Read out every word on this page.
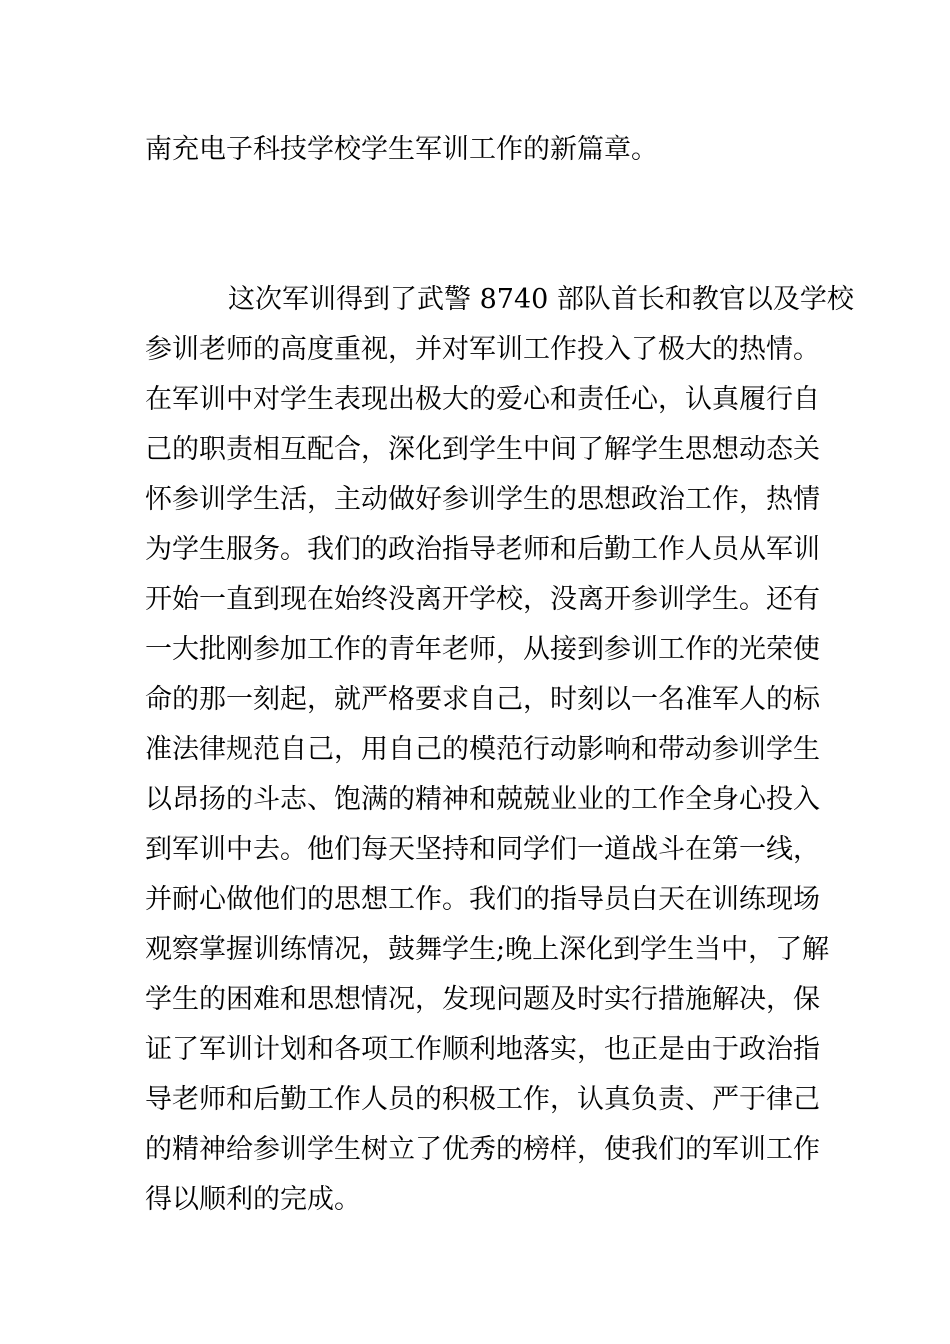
南充电子科技学校学生军训工作的新篇章。
这次军训得到了武警 8740 部队首长和教官以及学校
参训老师的高度重视，并对军训工作投入了极大的热情。
在军训中对学生表现出极大的爱心和责任心，认真履行自
己的职责相互配合，深化到学生中间了解学生思想动态关
怀参训学生活，主动做好参训学生的思想政治工作，热情
为学生服务。我们的政治指导老师和后勤工作人员从军训
开始一直到现在始终没离开学校，没离开参训学生。还有
一大批刚参加工作的青年老师，从接到参训工作的光荣使
命的那一刻起，就严格要求自己，时刻以一名准军人的标
准法律规范自己，用自己的模范行动影响和带动参训学生
以昂扬的斗志、饱满的精神和兢兢业业的工作全身心投入
到军训中去。他们每天坚持和同学们一道战斗在第一线，
并耐心做他们的思想工作。我们的指导员白天在训练现场
观察掌握训练情况，鼓舞学生;晚上深化到学生当中，了解
学生的困难和思想情况，发现问题及时实行措施解决，保
证了军训计划和各项工作顺利地落实，也正是由于政治指
导老师和后勤工作人员的积极工作，认真负责、严于律己
的精神给参训学生树立了优秀的榜样，使我们的军训工作
得以顺利的完成。
